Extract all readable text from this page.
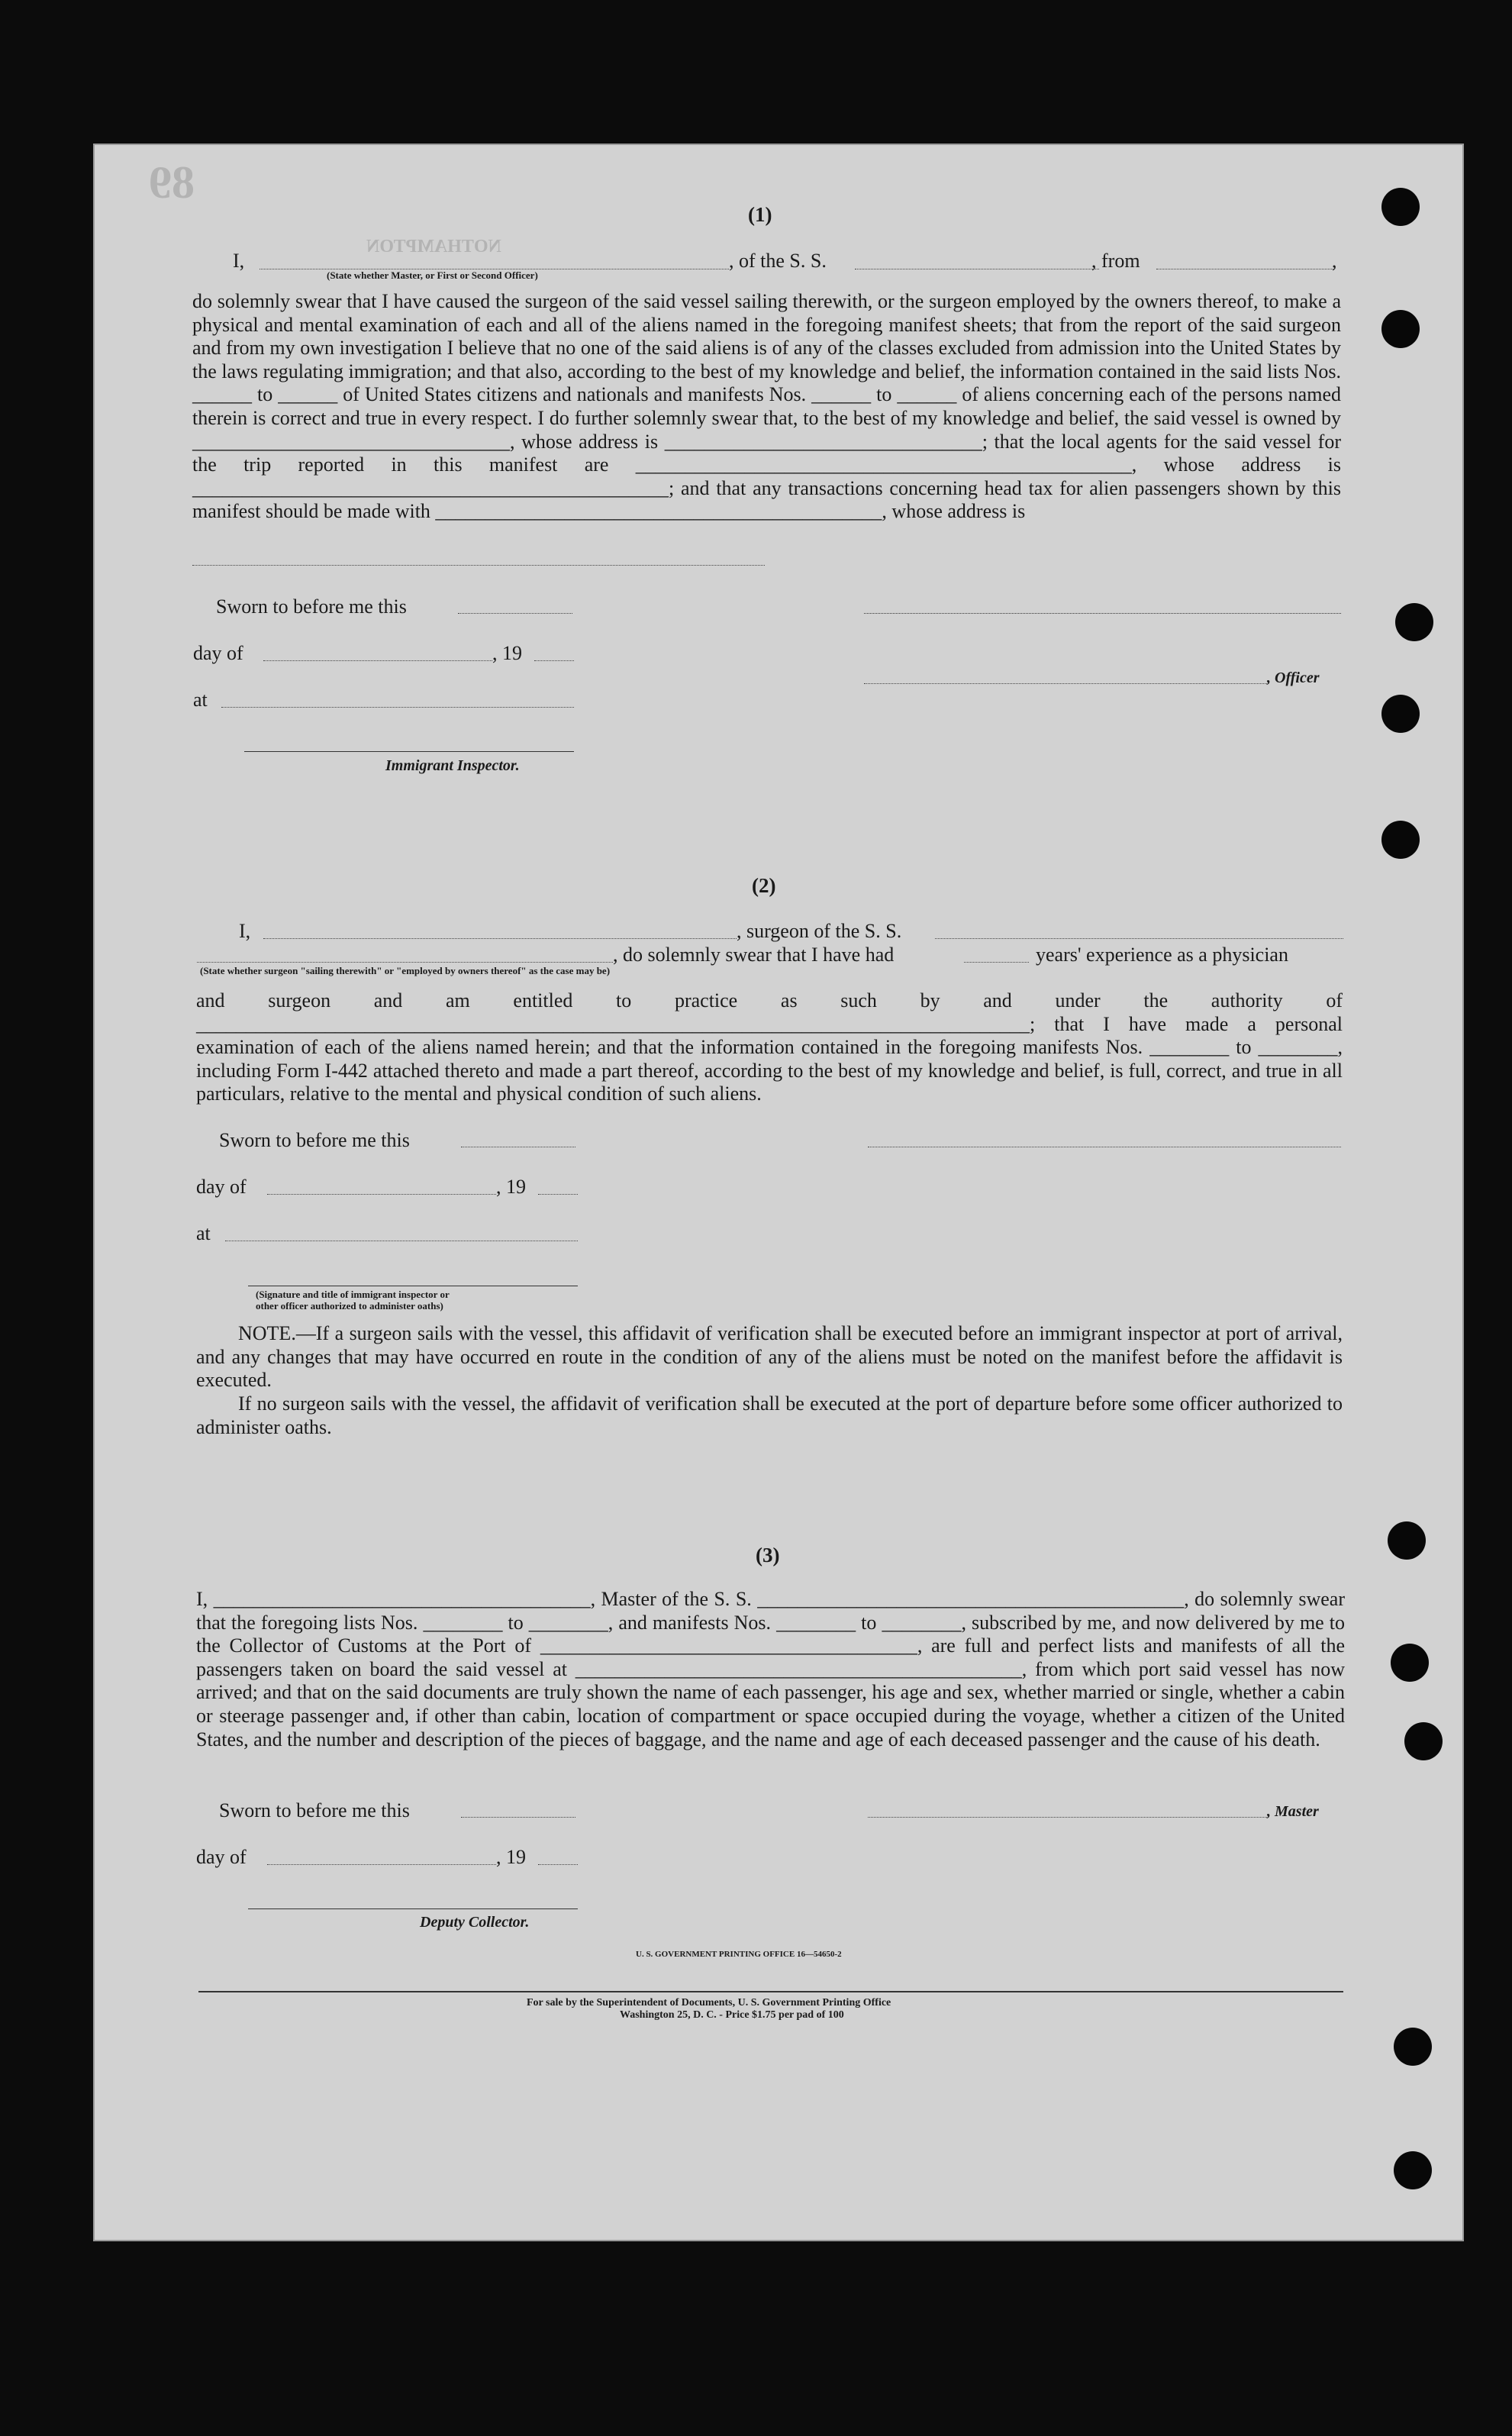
89
NOTHAMPTON
(1)
I,	, of the S. S.	, from	,
(State whether Master, or First or Second Officer)
do solemnly swear that I have caused the surgeon of the said vessel sailing therewith, or the surgeon employed by the owners thereof, to make a physical and mental examination of each and all of the aliens named in the foregoing manifest sheets; that from the report of the said surgeon and from my own investigation I believe that no one of the said aliens is of any of the classes excluded from admission into the United States by the laws regulating immigration; and that also, according to the best of my knowledge and belief, the information contained in the said lists Nos. ______ to ______ of United States citizens and nationals and manifests Nos. ______ to ______ of aliens concerning each of the persons named therein is correct and true in every respect. I do further solemnly swear that, to the best of my knowledge and belief, the said vessel is owned by ________________________________, whose address is ________________________________; that the local agents for the said vessel for the trip reported in this manifest are __________________________________________________, whose address is ________________________________________________; and that any transactions concerning head tax for alien passengers shown by this manifest should be made with _____________________________________________, whose address is
Sworn to before me this
day of	, 19
, Officer
at
Immigrant Inspector.
(2)
I,	, surgeon of the S. S.
, do solemnly swear that I have had	years' experience as a physician
(State whether surgeon "sailing therewith" or "employed by owners thereof" as the case may be)
and surgeon and am entitled to practice as such by and under the authority of ____________________________________________________________________________________; that I have made a personal examination of each of the aliens named herein; and that the information contained in the foregoing manifests Nos. ________ to ________, including Form I-442 attached thereto and made a part thereof, according to the best of my knowledge and belief, is full, correct, and true in all particulars, relative to the mental and physical condition of such aliens.
Sworn to before me this
day of	, 19
at
(Signature and title of immigrant inspector or
other officer authorized to administer oaths)
NOTE.—If a surgeon sails with the vessel, this affidavit of verification shall be executed before an immigrant inspector at port of arrival, and any changes that may have occurred en route in the condition of any of the aliens must be noted on the manifest before the affidavit is executed.
If no surgeon sails with the vessel, the affidavit of verification shall be executed at the port of departure before some officer authorized to administer oaths.
(3)
I, ______________________________________, Master of the S. S. ___________________________________________, do solemnly swear that the foregoing lists Nos. ________ to ________, and manifests Nos. ________ to ________, subscribed by me, and now delivered by me to the Collector of Customs at the Port of ______________________________________, are full and perfect lists and manifests of all the passengers taken on board the said vessel at _____________________________________________, from which port said vessel has now arrived; and that on the said documents are truly shown the name of each passenger, his age and sex, whether married or single, whether a cabin or steerage passenger and, if other than cabin, location of compartment or space occupied during the voyage, whether a citizen of the United States, and the number and description of the pieces of baggage, and the name and age of each deceased passenger and the cause of his death.
Sworn to before me this	, Master
day of	, 19
Deputy Collector.
U. S. GOVERNMENT PRINTING OFFICE 16—54650-2
For sale by the Superintendent of Documents, U. S. Government Printing Office
Washington 25, D. C. - Price $1.75 per pad of 100
